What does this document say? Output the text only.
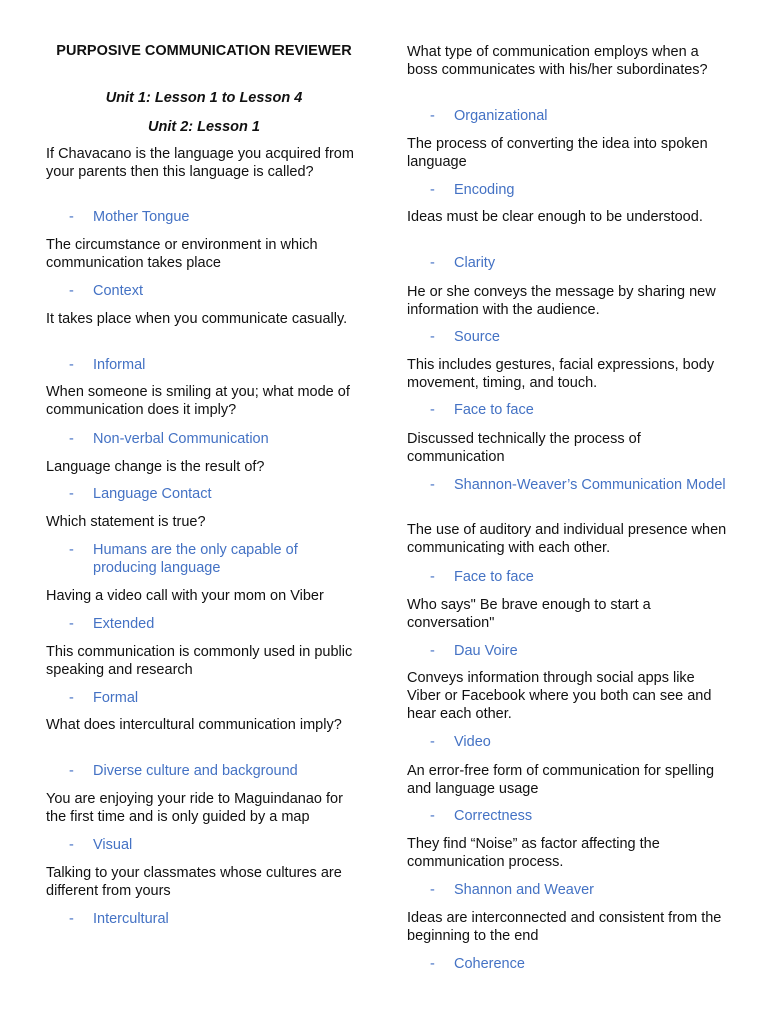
PURPOSIVE COMMUNICATION REVIEWER
Unit 1: Lesson 1 to Lesson 4
Unit 2: Lesson 1
If Chavacano is the language you acquired from your parents then this language is called?
-	Mother Tongue
The circumstance or environment in which communication takes place
-	Context
It takes place when you communicate casually.
-	Informal
When someone is smiling at you; what mode of communication does it imply?
-	Non-verbal Communication
Language change is the result of?
-	Language Contact
Which statement is true?
-	Humans are the only capable of producing language
Having a video call with your mom on Viber
-	Extended
This communication is commonly used in public speaking and research
-	Formal
What does intercultural communication imply?
-	Diverse culture and background
You are enjoying your ride to Maguindanao for the first time and is only guided by a map
-	Visual
Talking to your classmates whose cultures are different from yours
-	Intercultural
What type of communication employs when a boss communicates with his/her subordinates?
-	Organizational
The process of converting the idea into spoken language
-	Encoding
Ideas must be clear enough to be understood.
-	Clarity
He or she conveys the message by sharing new information with the audience.
-	Source
This includes gestures, facial expressions, body movement, timing, and touch.
-	Face to face
Discussed technically the process of communication
-	Shannon-Weaver’s Communication Model
The use of auditory and individual presence when communicating with each other.
-	Face to face
Who says" Be brave enough to start a conversation"
-	Dau Voire
Conveys information through social apps like Viber or Facebook where you both can see and hear each other.
-	Video
An error-free form of communication for spelling and language usage
-	Correctness
They find “Noise” as factor affecting the communication process.
-	Shannon and Weaver
Ideas are interconnected and consistent from the beginning to the end
-	Coherence
